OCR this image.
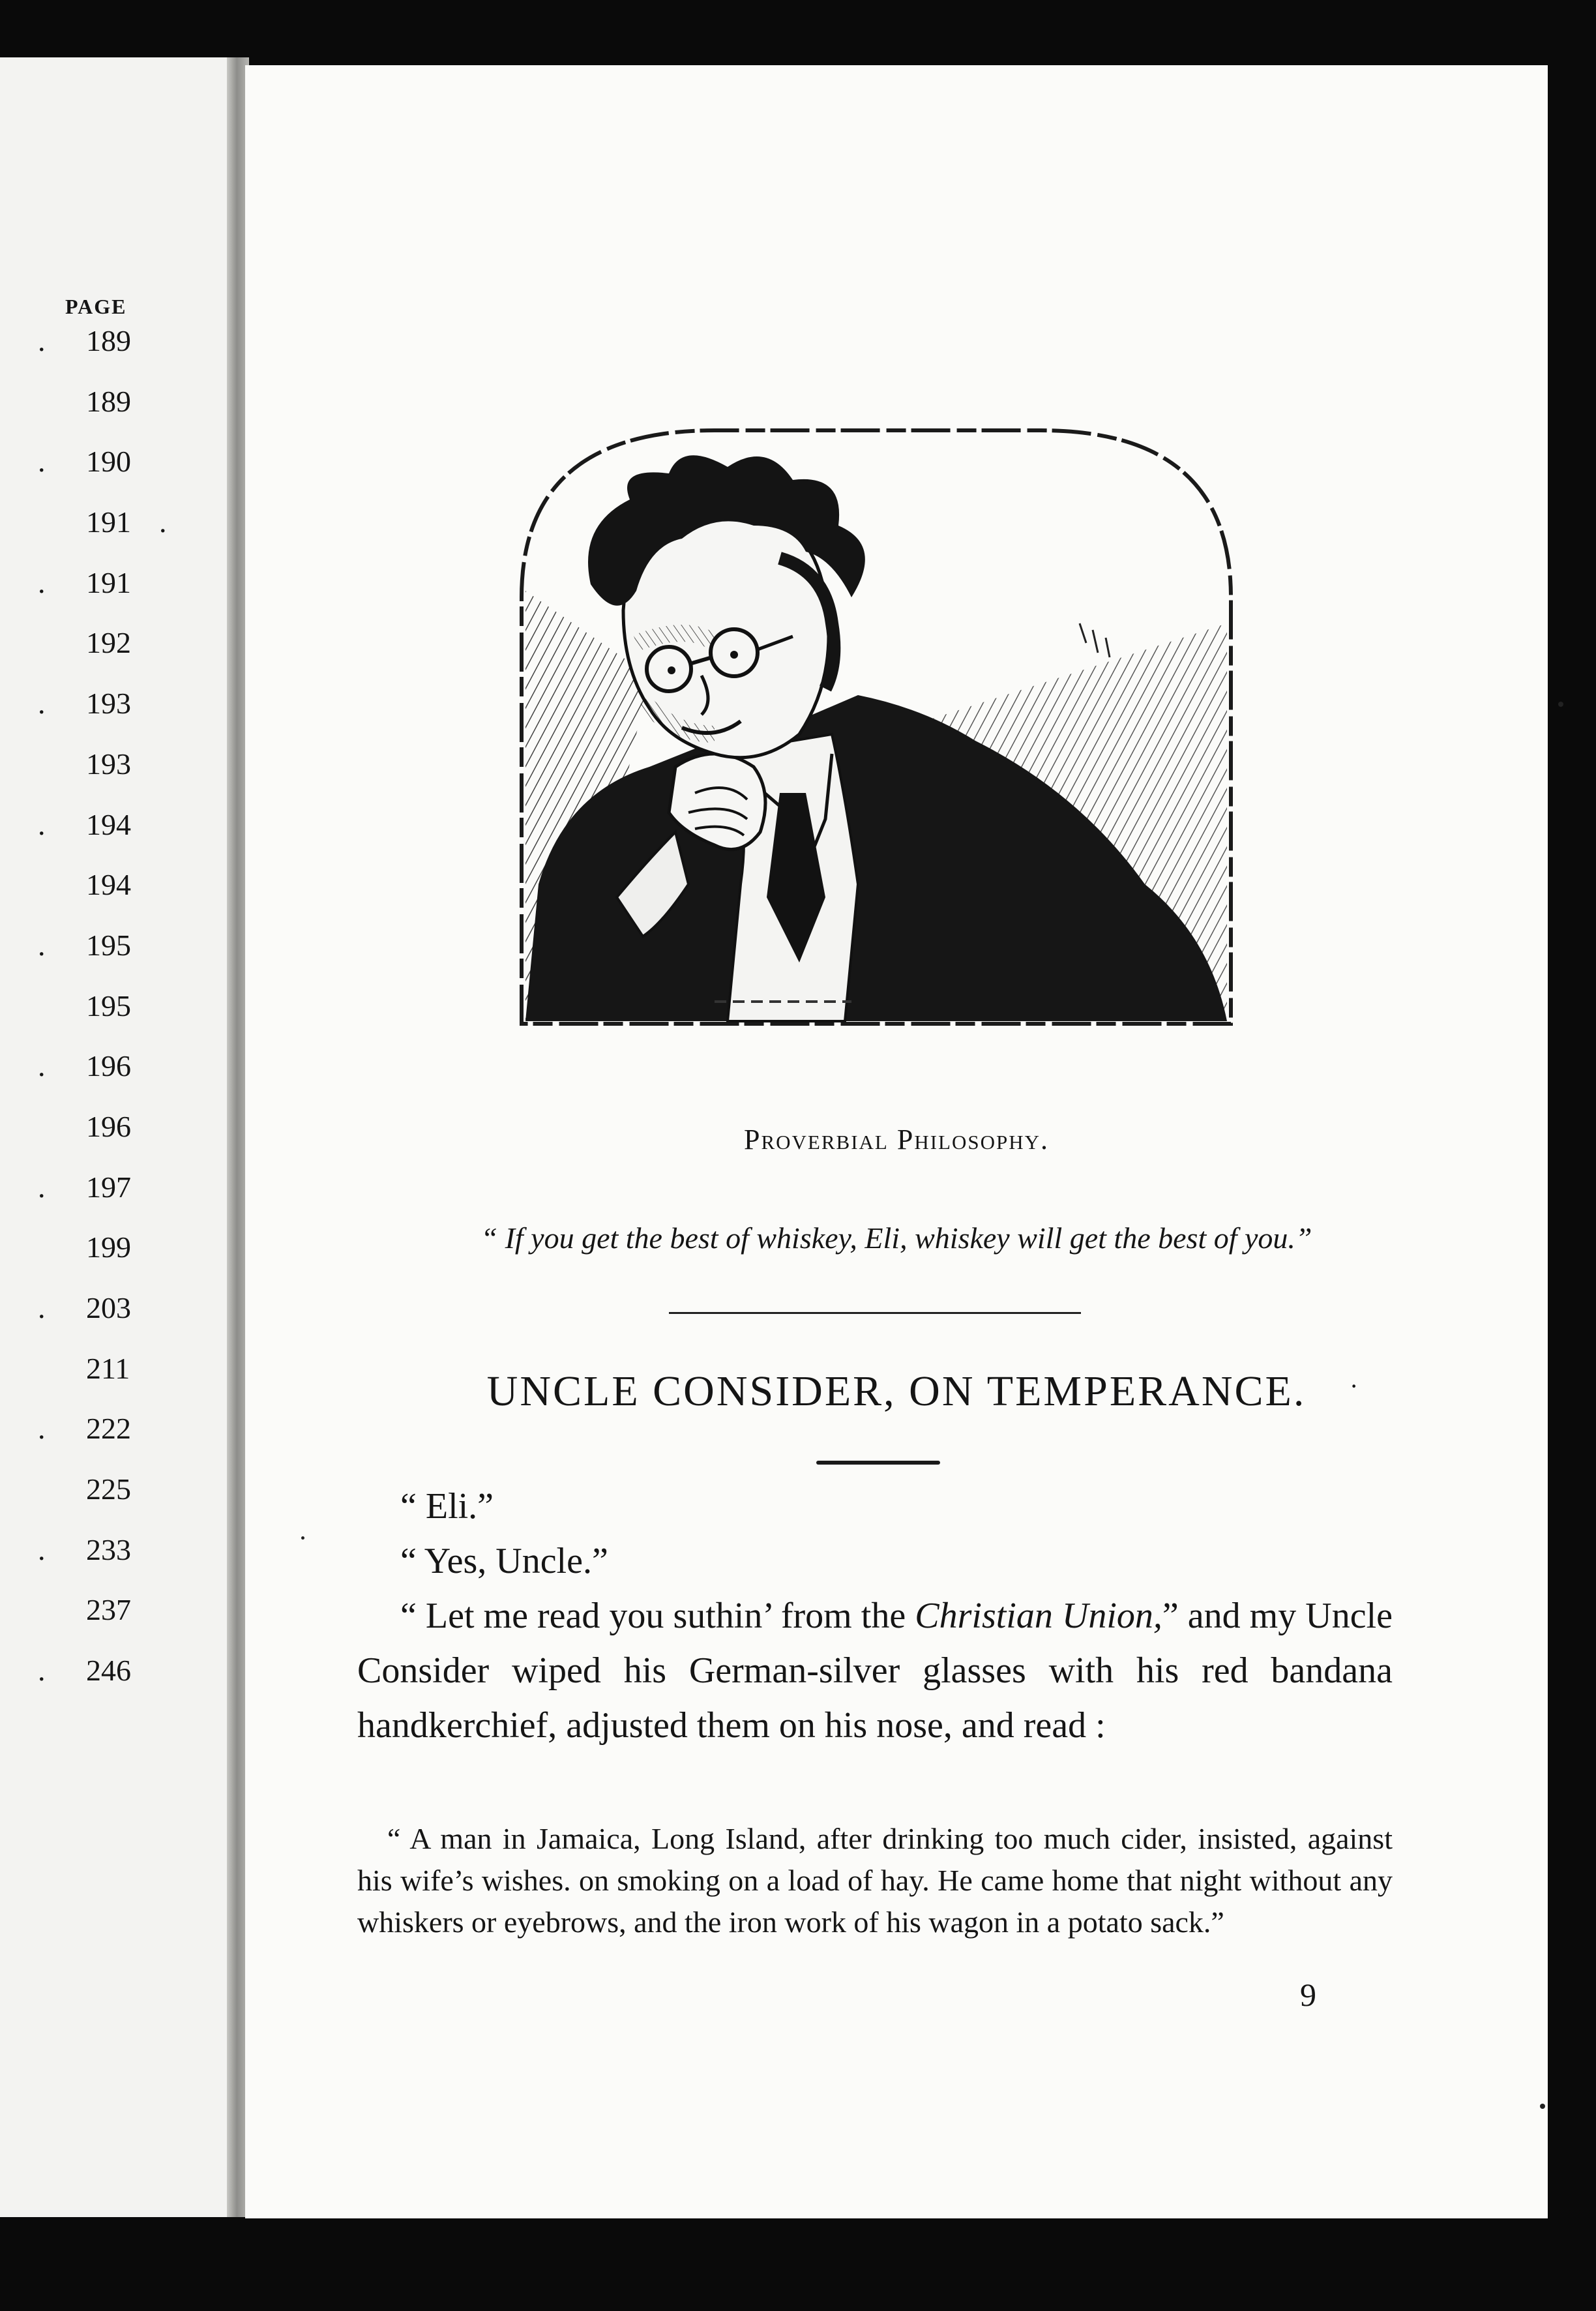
PAGE
. 189
189
. 190
191 .
. 191
192
. 193
193
. 194
194
. 195
195
. 196
196
. 197
199
. 203
211
. 222
225
. 233
237
. 246
Proverbial Philosophy.
“ If you get the best of whiskey, Eli, whiskey will get the best of you.”
UNCLE CONSIDER, ON TEMPERANCE.	·

“ Eli.”

“ Yes, Uncle.”

“ Let me read you suthin’ from the Christian Union,” and my Uncle Consider wiped his German-silver glasses with his red bandana handkerchief, adjusted them on his nose, and read :

“ A man in Jamaica, Long Island, after drinking too much cider, insisted, against his wife’s wishes. on smoking on a load of hay. He came home that night without any whiskers or eyebrows, and the iron work of his wagon in a potato sack.”

9
